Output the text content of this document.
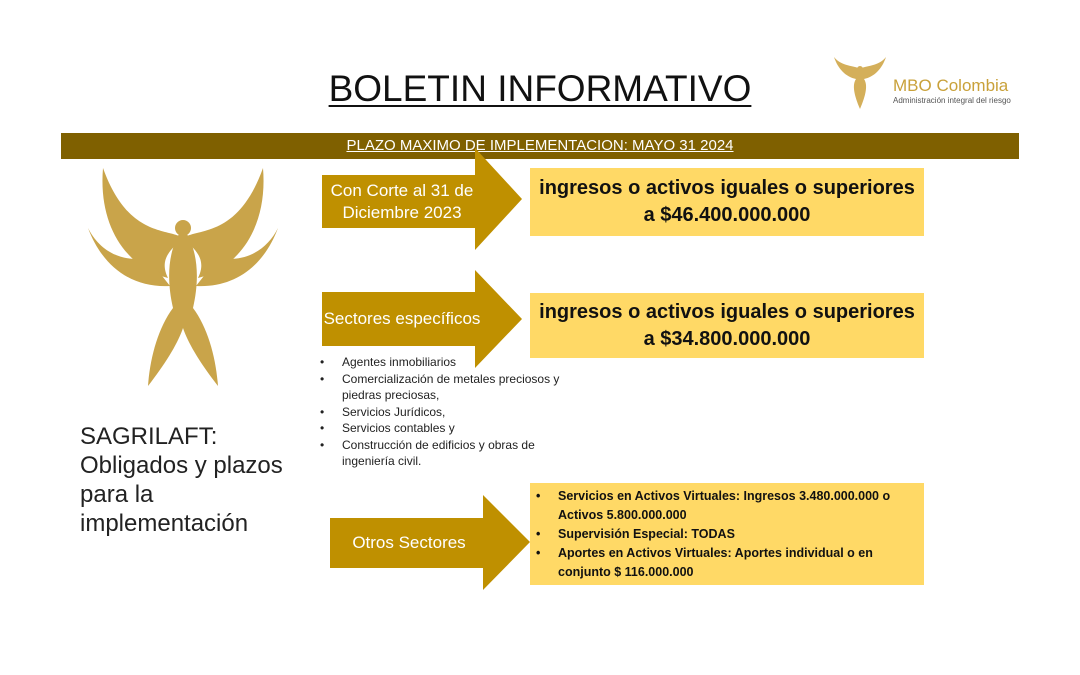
BOLETIN INFORMATIVO	MBO Colombia
Administración integral del riesgo
PLAZO MAXIMO DE IMPLEMENTACION: MAYO 31 2024
SAGRILAFT:
Obligados y plazos
para la
implementación
Con Corte al 31 de
Diciembre 2023
ingresos o activos iguales o superiores
a $46.400.000.000
Sectores específicos	ingresos o activos iguales o superiores
a $34.800.000.000
• Agentes inmobiliarios
• Comercialización de metales preciosos y piedras preciosas,
• Servicios Jurídicos,
• Servicios contables y
• Construcción de edificios y obras de ingeniería civil.
Otros Sectores
• Servicios en Activos Virtuales: Ingresos 3.480.000.000 o Activos 5.800.000.000
• Supervisión Especial: TODAS
• Aportes en Activos Virtuales: Aportes individual o en conjunto $ 116.000.000
